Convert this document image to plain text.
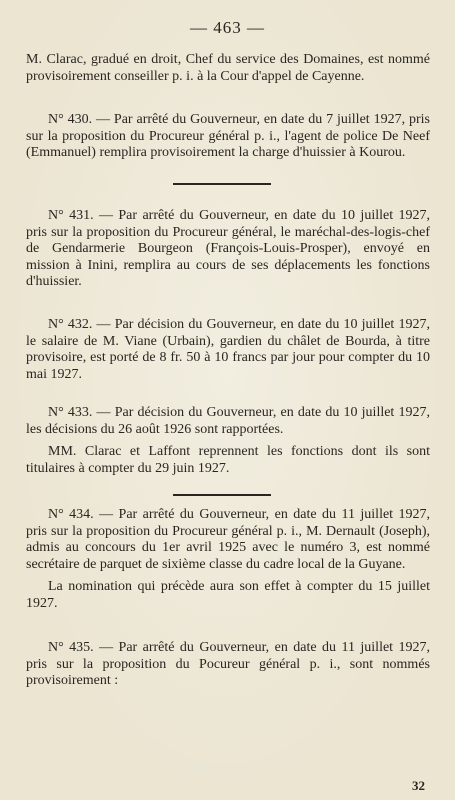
— 463 —

M. Clarac, gradué en droit, Chef du service des Domaines, est nommé provisoirement conseiller p. i. à la Cour d'appel de Cayenne.

N° 430. — Par arrêté du Gouverneur, en date du 7 juillet 1927, pris sur la proposition du Procureur général p. i., l'agent de police De Neef (Emmanuel) remplira provisoirement la charge d'huissier à Kourou.

N° 431. — Par arrêté du Gouverneur, en date du 10 juillet 1927, pris sur la proposition du Procureur général, le maréchal-des-logis-chef de Gendarmerie Bourgeon (François-Louis-Prosper), envoyé en mission à Inini, remplira au cours de ses déplacements les fonctions d'huissier.

N° 432. — Par décision du Gouverneur, en date du 10 juillet 1927, le salaire de M. Viane (Urbain), gardien du châlet de Bourda, à titre provisoire, est porté de 8 fr. 50 à 10 francs par jour pour compter du 10 mai 1927.

N° 433. — Par décision du Gouverneur, en date du 10 juillet 1927, les décisions du 26 août 1926 sont rapportées.

MM. Clarac et Laffont reprennent les fonctions dont ils sont titulaires à compter du 29 juin 1927.

N° 434. — Par arrêté du Gouverneur, en date du 11 juillet 1927, pris sur la proposition du Procureur général p. i., M. Dernault (Joseph), admis au concours du 1er avril 1925 avec le numéro 3, est nommé secrétaire de parquet de sixième classe du cadre local de la Guyane.

La nomination qui précède aura son effet à compter du 15 juillet 1927.

N° 435. — Par arrêté du Gouverneur, en date du 11 juillet 1927, pris sur la proposition du Pocureur général p. i., sont nommés provisoirement :

32
